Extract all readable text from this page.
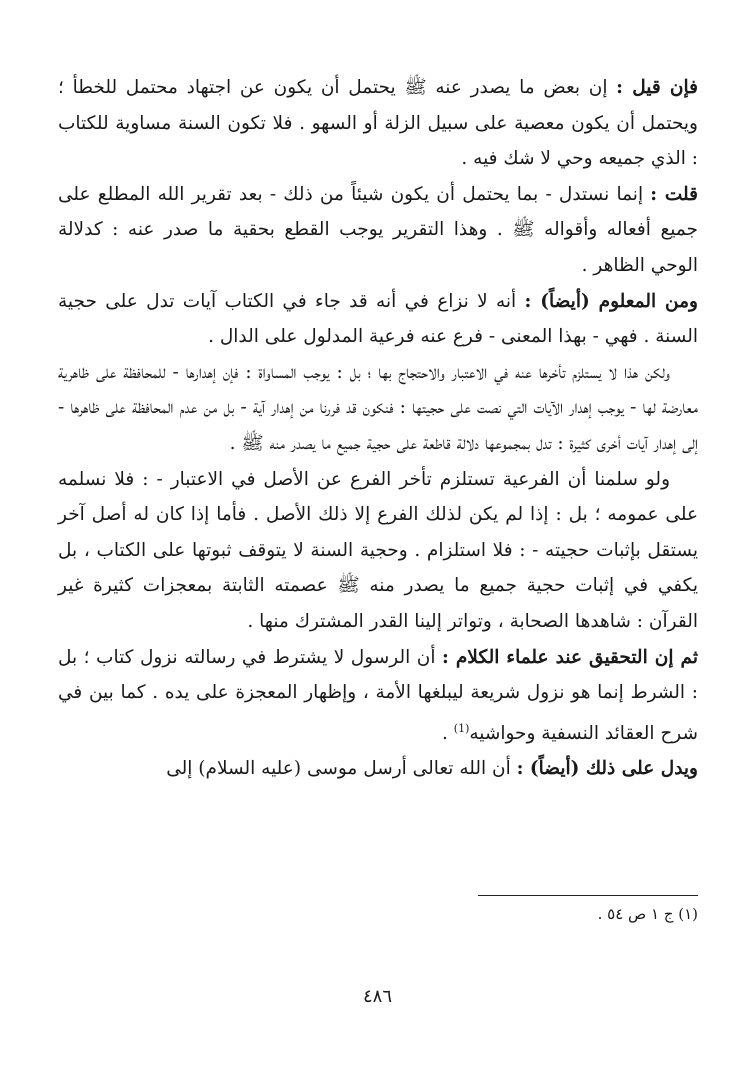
فإن قيل : إن بعض ما يصدر عنه ﷺ يحتمل أن يكون عن اجتهاد محتمل للخطأ ؛ ويحتمل أن يكون معصية على سبيل الزلة أو السهو . فلا تكون السنة مساوية للكتاب : الذي جميعه وحي لا شك فيه .

قلت : إنما نستدل - بما يحتمل أن يكون شيئاً من ذلك - بعد تقرير الله المطلع على جميع أفعاله وأقواله ﷺ . وهذا التقرير يوجب القطع بحقية ما صدر عنه : كدلالة الوحي الظاهر .

ومن المعلوم (أيضاً) : أنه لا نزاع في أنه قد جاء في الكتاب آيات تدل على حجية السنة . فهي - بهذا المعنى - فرع عنه فرعية المدلول على الدال .

ولكن هذا لا يستلزم تأخرها عنه في الاعتبار والاحتجاج بها ؛ بل : يوجب المساواة : فإن إهدارها - للمحافظة على ظاهرية معارضة لها - يوجب إهدار الآيات التي نصت على حجيتها : فنكون قد فررنا من إهدار آية - بل من عدم المحافظة على ظاهرها - إلى إهدار آيات أخرى كثيرة : تدل بمجموعها دلالة قاطعة على حجية جميع ما يصدر منه ﷺ .

ولو سلمنا أن الفرعية تستلزم تأخر الفرع عن الأصل في الاعتبار - : فلا نسلمه على عمومه ؛ بل : إذا لم يكن لذلك الفرع إلا ذلك الأصل . فأما إذا كان له أصل آخر يستقل بإثبات حجيته - : فلا استلزام . وحجية السنة لا يتوقف ثبوتها على الكتاب ، بل يكفي في إثبات حجية جميع ما يصدر منه ﷺ عصمته الثابتة بمعجزات كثيرة غير القرآن : شاهدها الصحابة ، وتواتر إلينا القدر المشترك منها .

ثم إن التحقيق عند علماء الكلام : أن الرسول لا يشترط في رسالته نزول كتاب ؛ بل : الشرط إنما هو نزول شريعة ليبلغها الأمة ، وإظهار المعجزة على يده . كما بين في شرح العقائد النسفية وحواشيه$^{(1)}$ .

ويدل على ذلك (أيضاً) : أن الله تعالى أرسل موسى (عليه السلام) إلى

(١) ج ١ ص ٥٤ .
٤٨٦
